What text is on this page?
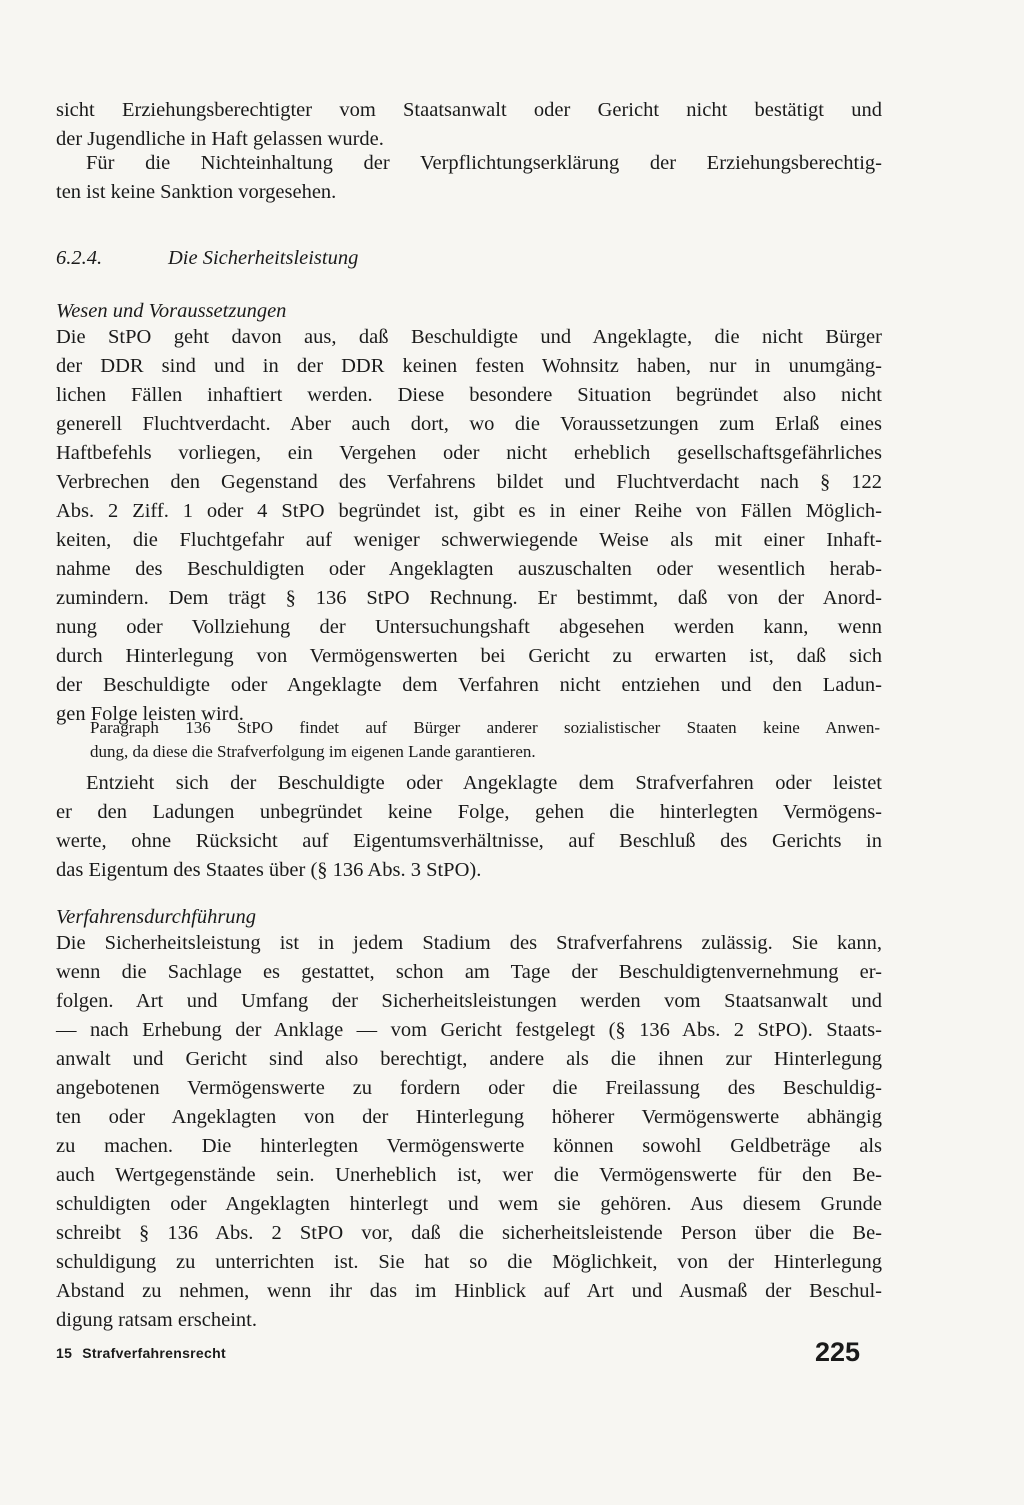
sicht Erziehungsberechtigter vom Staatsanwalt oder Gericht nicht bestätigt und
der Jugendliche in Haft gelassen wurde.

Für die Nichteinhaltung der Verpflichtungserklärung der Erziehungsberechtig-
ten ist keine Sanktion vorgesehen.

6.2.4.	Die Sicherheitsleistung
Wesen und Voraussetzungen

Die StPO geht davon aus, daß Beschuldigte und Angeklagte, die nicht Bürger
der DDR sind und in der DDR keinen festen Wohnsitz haben, nur in unumgäng-
lichen Fällen inhaftiert werden. Diese besondere Situation begründet also nicht
generell Fluchtverdacht. Aber auch dort, wo die Voraussetzungen zum Erlaß eines
Haftbefehls vorliegen, ein Vergehen oder nicht erheblich gesellschaftsgefährliches
Verbrechen den Gegenstand des Verfahrens bildet und Fluchtverdacht nach § 122
Abs. 2 Ziff. 1 oder 4 StPO begründet ist, gibt es in einer Reihe von Fällen Möglich-
keiten, die Fluchtgefahr auf weniger schwerwiegende Weise als mit einer Inhaft-
nahme des Beschuldigten oder Angeklagten auszuschalten oder wesentlich herab-
zumindern. Dem trägt § 136 StPO Rechnung. Er bestimmt, daß von der Anord-
nung oder Vollziehung der Untersuchungshaft abgesehen werden kann, wenn
durch Hinterlegung von Vermögenswerten bei Gericht zu erwarten ist, daß sich
der Beschuldigte oder Angeklagte dem Verfahren nicht entziehen und den Ladun-
gen Folge leisten wird.

Paragraph 136 StPO findet auf Bürger anderer sozialistischer Staaten keine Anwen-
dung, da diese die Strafverfolgung im eigenen Lande garantieren.

Entzieht sich der Beschuldigte oder Angeklagte dem Strafverfahren oder leistet
er den Ladungen unbegründet keine Folge, gehen die hinterlegten Vermögens-
werte, ohne Rücksicht auf Eigentumsverhältnisse, auf Beschluß des Gerichts in
das Eigentum des Staates über (§ 136 Abs. 3 StPO).

Verfahrensdurchführung

Die Sicherheitsleistung ist in jedem Stadium des Strafverfahrens zulässig. Sie kann,
wenn die Sachlage es gestattet, schon am Tage der Beschuldigtenvernehmung er-
folgen. Art und Umfang der Sicherheitsleistungen werden vom Staatsanwalt und
— nach Erhebung der Anklage — vom Gericht festgelegt (§ 136 Abs. 2 StPO). Staats-
anwalt und Gericht sind also berechtigt, andere als die ihnen zur Hinterlegung
angebotenen Vermögenswerte zu fordern oder die Freilassung des Beschuldig-
ten oder Angeklagten von der Hinterlegung höherer Vermögenswerte abhängig
zu machen. Die hinterlegten Vermögenswerte können sowohl Geldbeträge als
auch Wertgegenstände sein. Unerheblich ist, wer die Vermögenswerte für den Be-
schuldigten oder Angeklagten hinterlegt und wem sie gehören. Aus diesem Grunde
schreibt § 136 Abs. 2 StPO vor, daß die sicherheitsleistende Person über die Be-
schuldigung zu unterrichten ist. Sie hat so die Möglichkeit, von der Hinterlegung
Abstand zu nehmen, wenn ihr das im Hinblick auf Art und Ausmaß der Beschul-
digung ratsam erscheint.

15 Strafverfahrensrecht	225
